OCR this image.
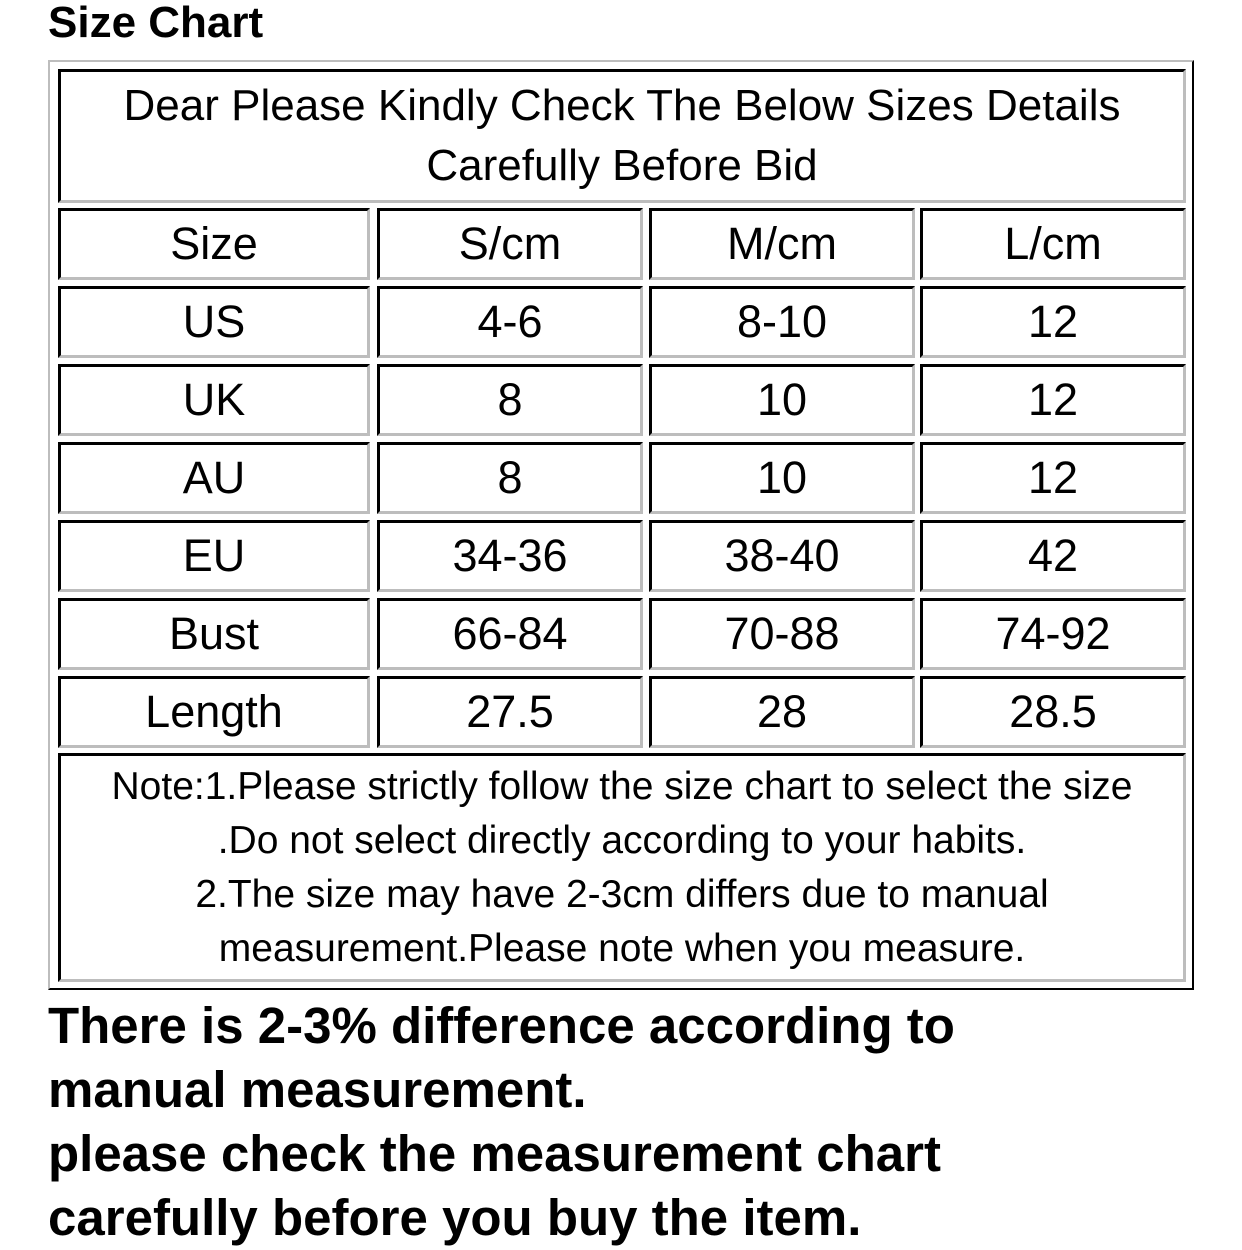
Size Chart
Dear Please Kindly Check The Below Sizes Details Carefully Before Bid
Size	S/cm	M/cm	L/cm
US	4-6	8-10	12
UK	8	10	12
AU	8	10	12
EU	34-36	38-40	42
Bust	66-84	70-88	74-92
Length	27.5	28	28.5
Note:1.Please strictly follow the size chart to select the size
.Do not select directly according to your habits.
2.The size may have 2-3cm differs due to manual
measurement.Please note when you measure.
There is 2-3% difference according to
manual measurement.
please check the measurement chart
carefully before you buy the item.
